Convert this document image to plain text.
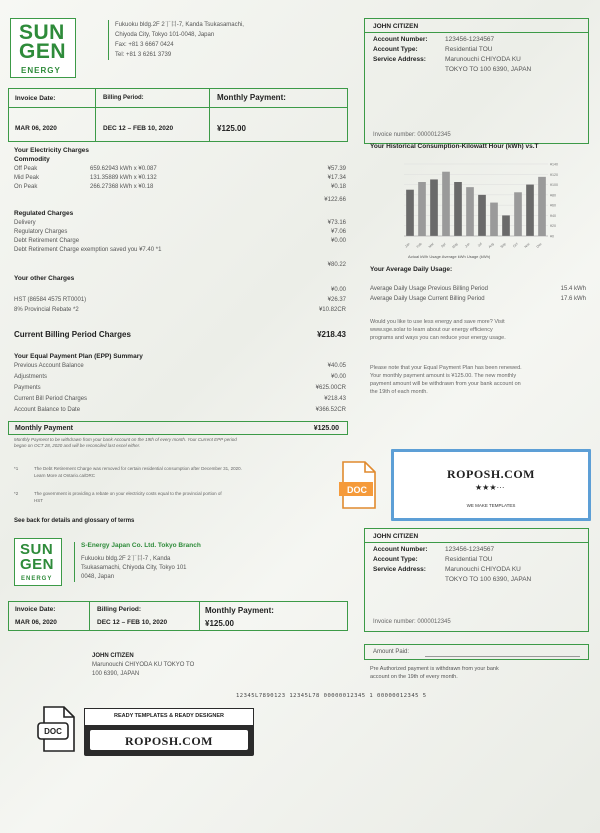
SUN
GEN
ENERGY
Fukuoku bldg.2F 2丁目-7, Kanda Tsukasamachi,
Chiyoda City, Tokyo 101-0048, Japan
Fax: +81 3 6667 0424
Tel: +81 3 6261 3739
JOHN CITIZEN
Account Number:	123456-1234567
Account Type:	Residential TOU
Service Address:	Marunouchi CHIYODA KU
TOKYO TO 100 6390, JAPAN
Invoice number: 0000012345
Invoice Date:	Billing Period:	Monthly Payment:
MAR 06, 2020	DEC 12 – FEB 10, 2020	¥125.00
Your Electricity Charges
Commodity
Off Peak	659.62943 kWh x ¥0.087	¥57.39
Mid Peak	131.35889 kWh x ¥0.132	¥17.34
On Peak	266.27368 kWh x ¥0.18	¥0.18
¥122.66
Regulated Charges
Delivery	¥73.16
Regulatory Charges	¥7.06
Debt Retirement Charge	¥0.00
Debt Retirement Charge exemption saved you ¥7.40 *1
¥80.22
Your other Charges
¥0.00
HST (86584 4575 RT0001)	¥26.37
8% Provincial Rebate *2	¥10.82CR
Current Billing Period Charges	¥218.43
Your Equal Payment Plan (EPP) Summary
Previous Account Balance	¥40.05
Adjustments	¥0.00
Payments	¥625.00CR
Current Bill Period Charges	¥218.43
Account Balance to Date	¥366.52CR
Monthly Payment	¥125.00
Monthly Payment to be withdrawn from your bank Account on the 19th of every month. Your Current EPP period
began on OCT 28, 2020 and will be reconciled last excel either.
*1	The Debt Retirement Charge was removed for certain residential consumption after December 31, 2020.
Learn More at Ontario.ca/DRC
*2	The government is providing a rebate on your electricity costs equal to the provincial portion of
HST
See back for details and glossary of terms
Your Historical Consumption-Kilowatt Hour (kWh) vs.T
¥140
¥120
¥100
¥80
¥60
¥40
¥20
¥0
Jan Feb Mar Apr May Jun Jul Aug Sep Oct Nov Dec
Actual kWh Usage Average kWh Usage (kWh)
Your Average Daily Usage:
Average Daily Usage Previous Billing Period	15.4 kWh
Average Daily Usage Current Billing Period	17.6 kWh
Would you like to use less energy and save more? Visit
www.sge.solar to learn about our energy efficiency
programs and ways you can reduce your energy usage.
Please note that your Equal Payment Plan has been renewed.
Your monthly payment amount is ¥125.00. The new monthly
payment amount will be withdrawn from your bank account on
the 19th of each month.
ROPOSH.COM
★★★···
WE MAKE TEMPLATES
DOC
SUN
GEN
ENERGY
S-Energy Japan Co. Ltd. Tokyo Branch
Fukuoku bldg.2F 2丁目-7 , Kanda
Tsukasamachi, Chiyoda City, Tokyo 101
0048, Japan
JOHN CITIZEN
Account Number:	123456-1234567
Account Type:	Residential TOU
Service Address:	Marunouchi CHIYODA KU
TOKYO TO 100 6390, JAPAN
Invoice number: 0000012345
Invoice Date:	Billing Period:	Monthly Payment:
MAR 06, 2020	DEC 12 – FEB 10, 2020	¥125.00
Amount Paid:
Pre Authorized payment is withdrawn from your bank
account on the 19th of every month.
JOHN CITIZEN
Marunouchi CHIYODA KU TOKYO TO
100 6390, JAPAN
12345L7890123 12345L78 00000012345 1 00000012345 5
DOC
READY TEMPLATES & READY DESIGNER
ROPOSH.COM
